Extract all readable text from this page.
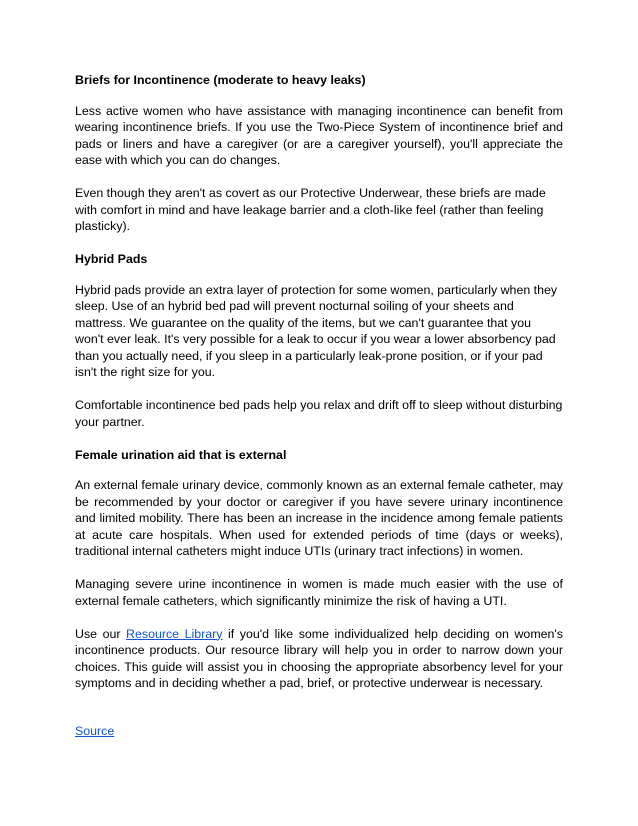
Briefs for Incontinence (moderate to heavy leaks)

Less active women who have assistance with managing incontinence can benefit from wearing incontinence briefs. If you use the Two-Piece System of incontinence brief and pads or liners and have a caregiver (or are a caregiver yourself), you'll appreciate the ease with which you can do changes.

Even though they aren't as covert as our Protective Underwear, these briefs are made with comfort in mind and have leakage barrier and a cloth-like feel (rather than feeling plasticky).

Hybrid Pads

Hybrid pads provide an extra layer of protection for some women, particularly when they sleep. Use of an hybrid bed pad will prevent nocturnal soiling of your sheets and mattress. We guarantee on the quality of the items, but we can't guarantee that you won't ever leak. It's very possible for a leak to occur if you wear a lower absorbency pad than you actually need, if you sleep in a particularly leak-prone position, or if your pad isn't the right size for you.

Comfortable incontinence bed pads help you relax and drift off to sleep without disturbing your partner.

Female urination aid that is external

An external female urinary device, commonly known as an external female catheter, may be recommended by your doctor or caregiver if you have severe urinary incontinence and limited mobility. There has been an increase in the incidence among female patients at acute care hospitals. When used for extended periods of time (days or weeks), traditional internal catheters might induce UTIs (urinary tract infections) in women.

Managing severe urine incontinence in women is made much easier with the use of external female catheters, which significantly minimize the risk of having a UTI.

Use our Resource Library if you'd like some individualized help deciding on women's incontinence products. Our resource library will help you in order to narrow down your choices. This guide will assist you in choosing the appropriate absorbency level for your symptoms and in deciding whether a pad, brief, or protective underwear is necessary.

Source
